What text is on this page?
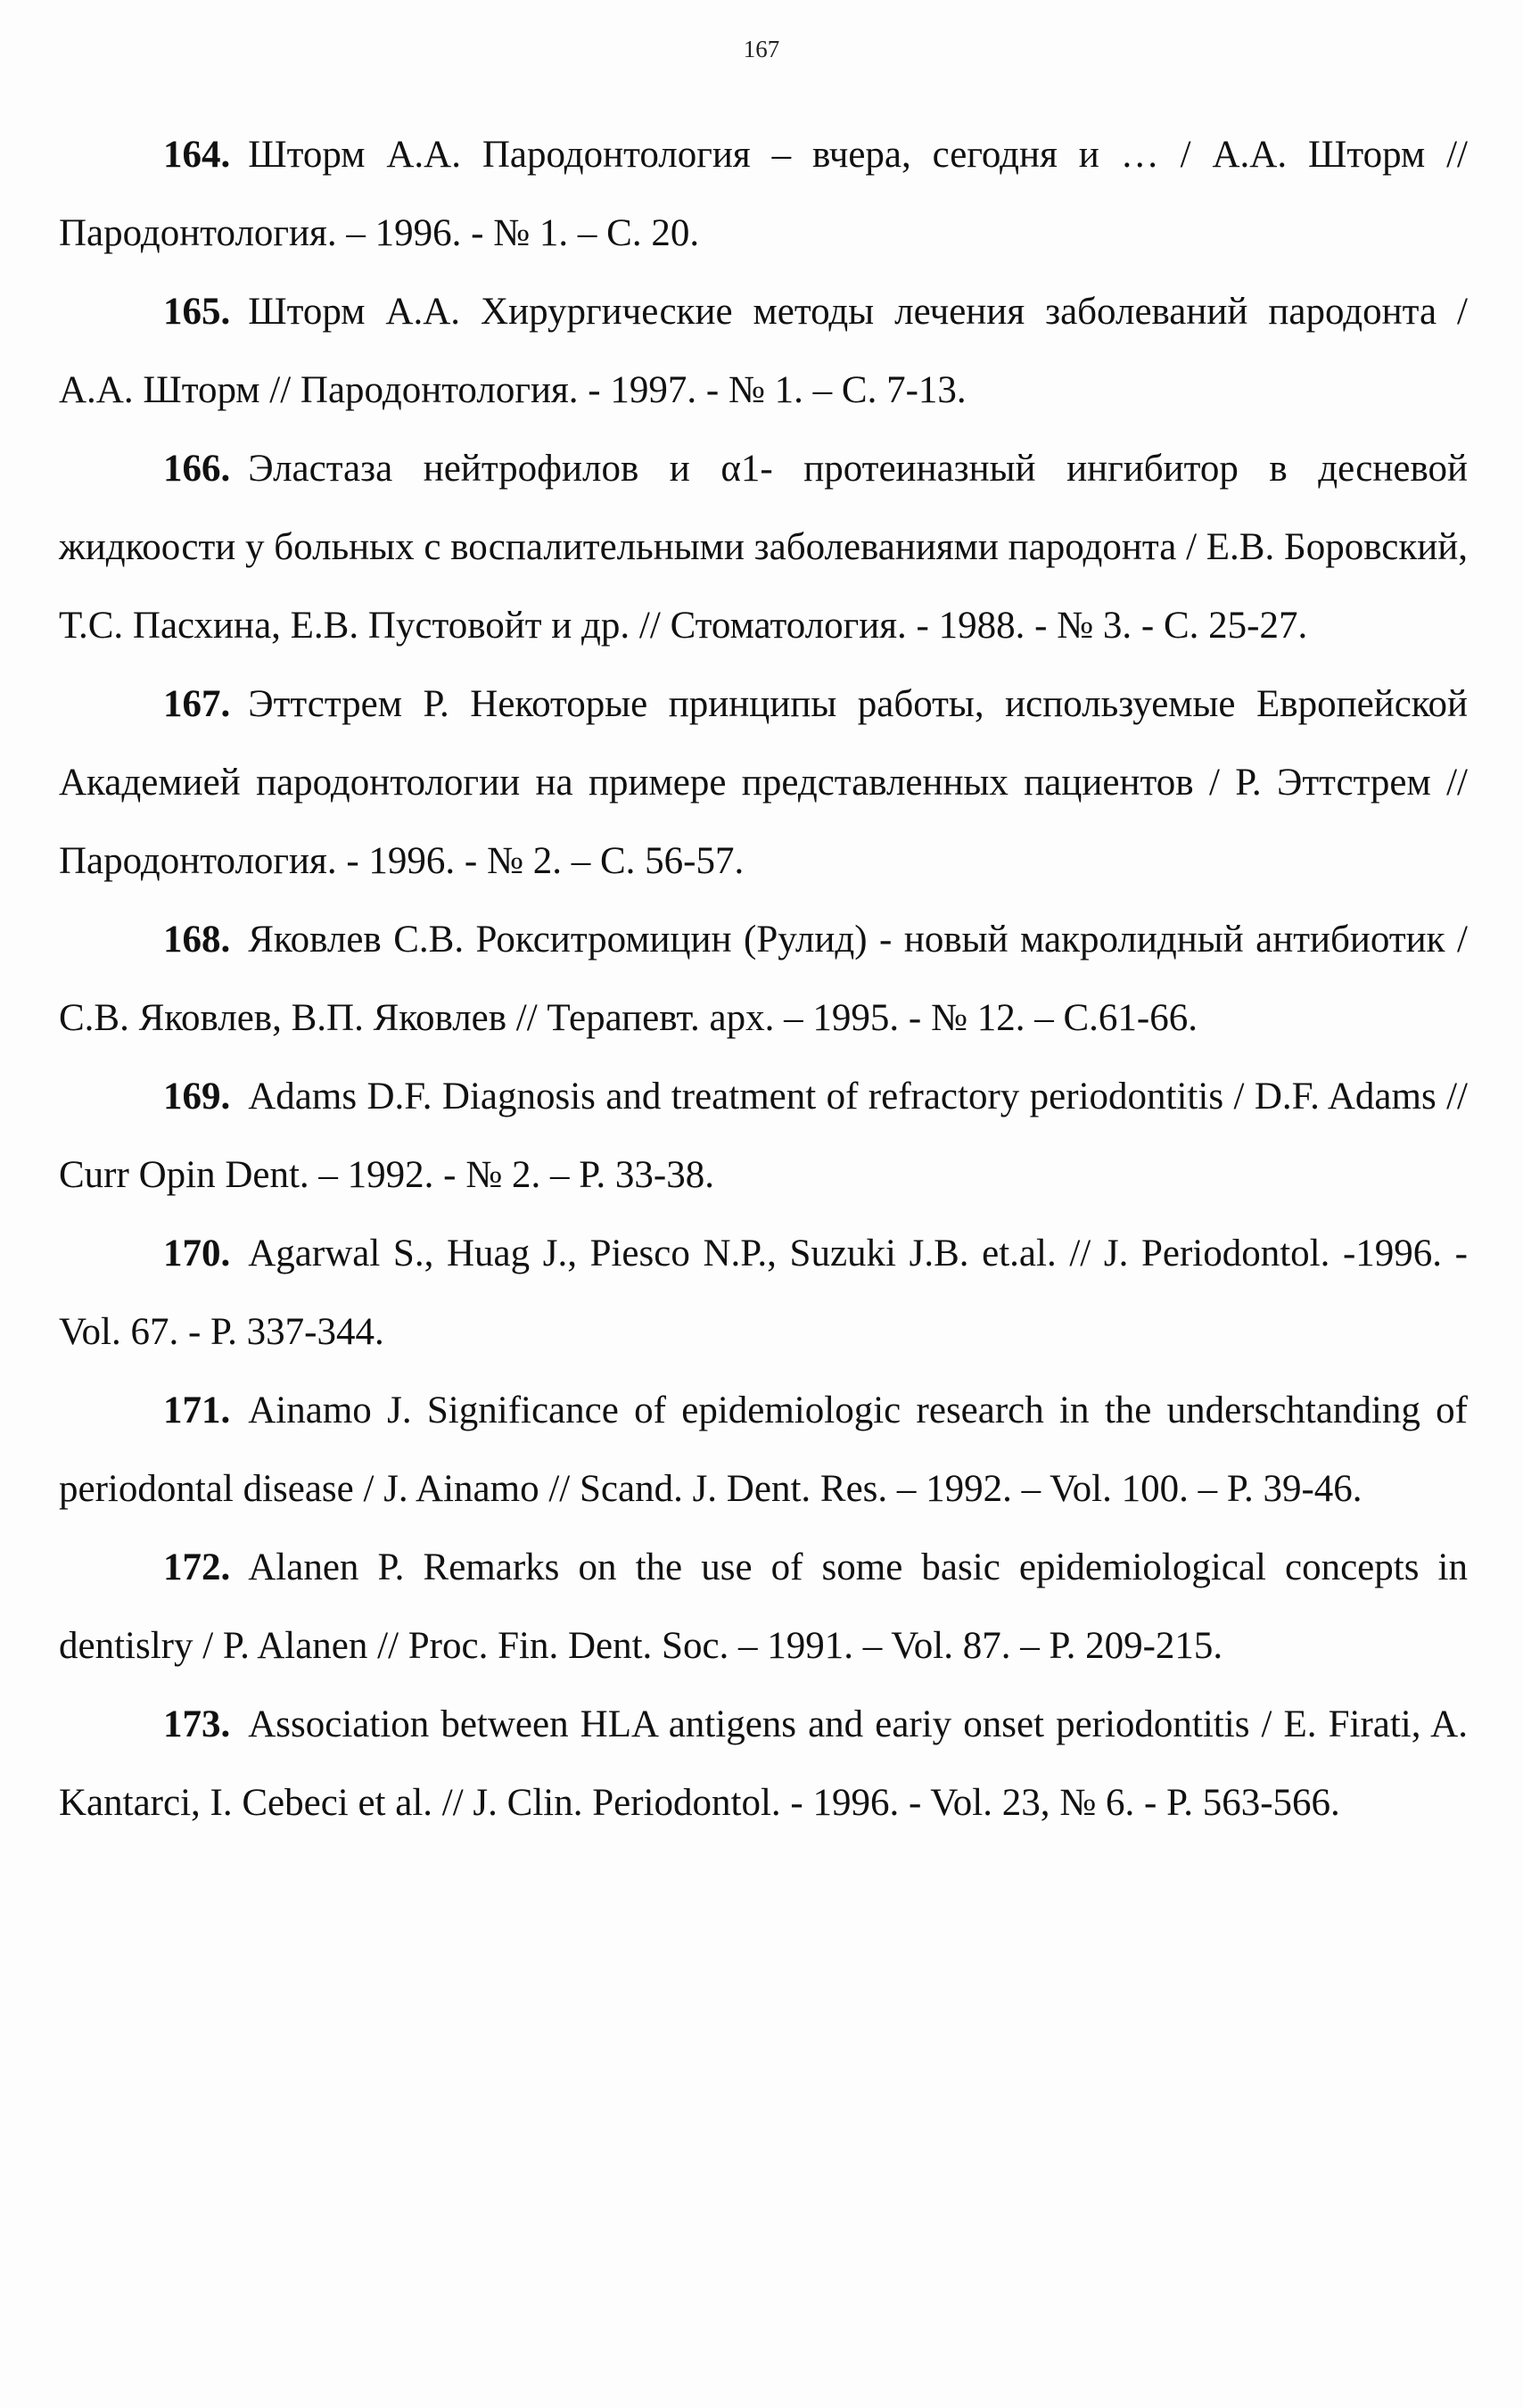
167

164. Шторм А.А. Пародонтология – вчера, сегодня и … / А.А. Шторм // Пародонтология. – 1996. - № 1. – С. 20.

165. Шторм А.А. Хирургические методы лечения заболеваний пародонта / А.А. Шторм // Пародонтология. - 1997. - № 1. – С. 7-13.

166. Эластаза нейтрофилов и α1- протеиназный ингибитор в десневой жидкоости у больных с воспалительными заболеваниями пародонта / Е.В. Боровский, Т.С. Пасхина, Е.В. Пустовойт и др. // Стоматология. - 1988. - № 3. - С. 25-27.

167. Эттстрем Р. Некоторые принципы работы, используемые Европейской Академией пародонтологии на примере представленных пациентов / Р. Эттстрем // Пародонтология. - 1996. - № 2. – С. 56-57.

168. Яковлев С.В. Рокситромицин (Рулид) - новый макролидный антибиотик / С.В. Яковлев, В.П. Яковлев // Терапевт. арх. – 1995. - № 12. – С.61-66.

169. Adams D.F. Diagnosis and treatment of refractory periodontitis / D.F. Adams // Curr Opin Dent. – 1992. - № 2. – P. 33-38.

170. Agarwal S., Huag J., Piesco N.P., Suzuki J.B. et.al. // J. Periodontol. -1996. -Vol. 67. - P. 337-344.

171. Ainamo J. Significance of epidemiologic research in the underschtanding of periodontal disease / J. Ainamo // Scand. J. Dent. Res. – 1992. – Vol. 100. – P. 39-46.

172. Alanen P. Remarks on the use of some basic epidemiological concepts in dentislry / P. Alanen // Proc. Fin. Dent. Soc. – 1991. – Vol. 87. – P. 209-215.

173. Association between HLA antigens and eariy onset periodontitis / E. Firati, A. Kantarci, I. Cebeci et al. // J. Clin. Periodontol. - 1996. - Vol. 23, № 6. - P. 563-566.
